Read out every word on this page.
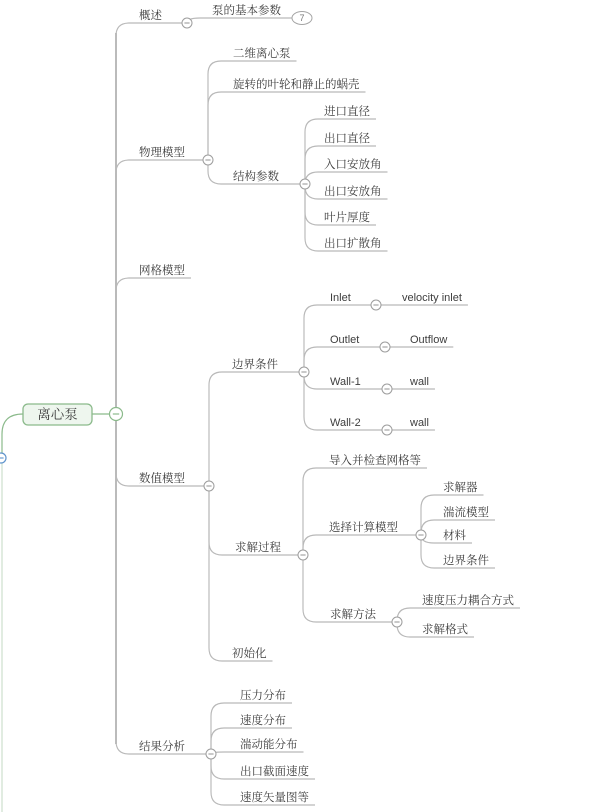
概述	泵的基本参数
7
物理模型
二维离心泵
旋转的叶轮和静止的蜗壳
结构参数
进口直径
出口直径
入口安放角
出口安放角
叶片厚度
出口扩散角
网格模型
数值模型
边界条件
Inlet	velocity inlet
Outlet	Outflow
Wall-1	wall
Wall-2	wall
求解过程
导入并检查网格等
选择计算模型
求解器
湍流模型
材料
边界条件
求解方法
速度压力耦合方式
求解格式
初始化
结果分析
压力分布
速度分布
湍动能分布
出口截面速度
速度矢量图等
离心泵
